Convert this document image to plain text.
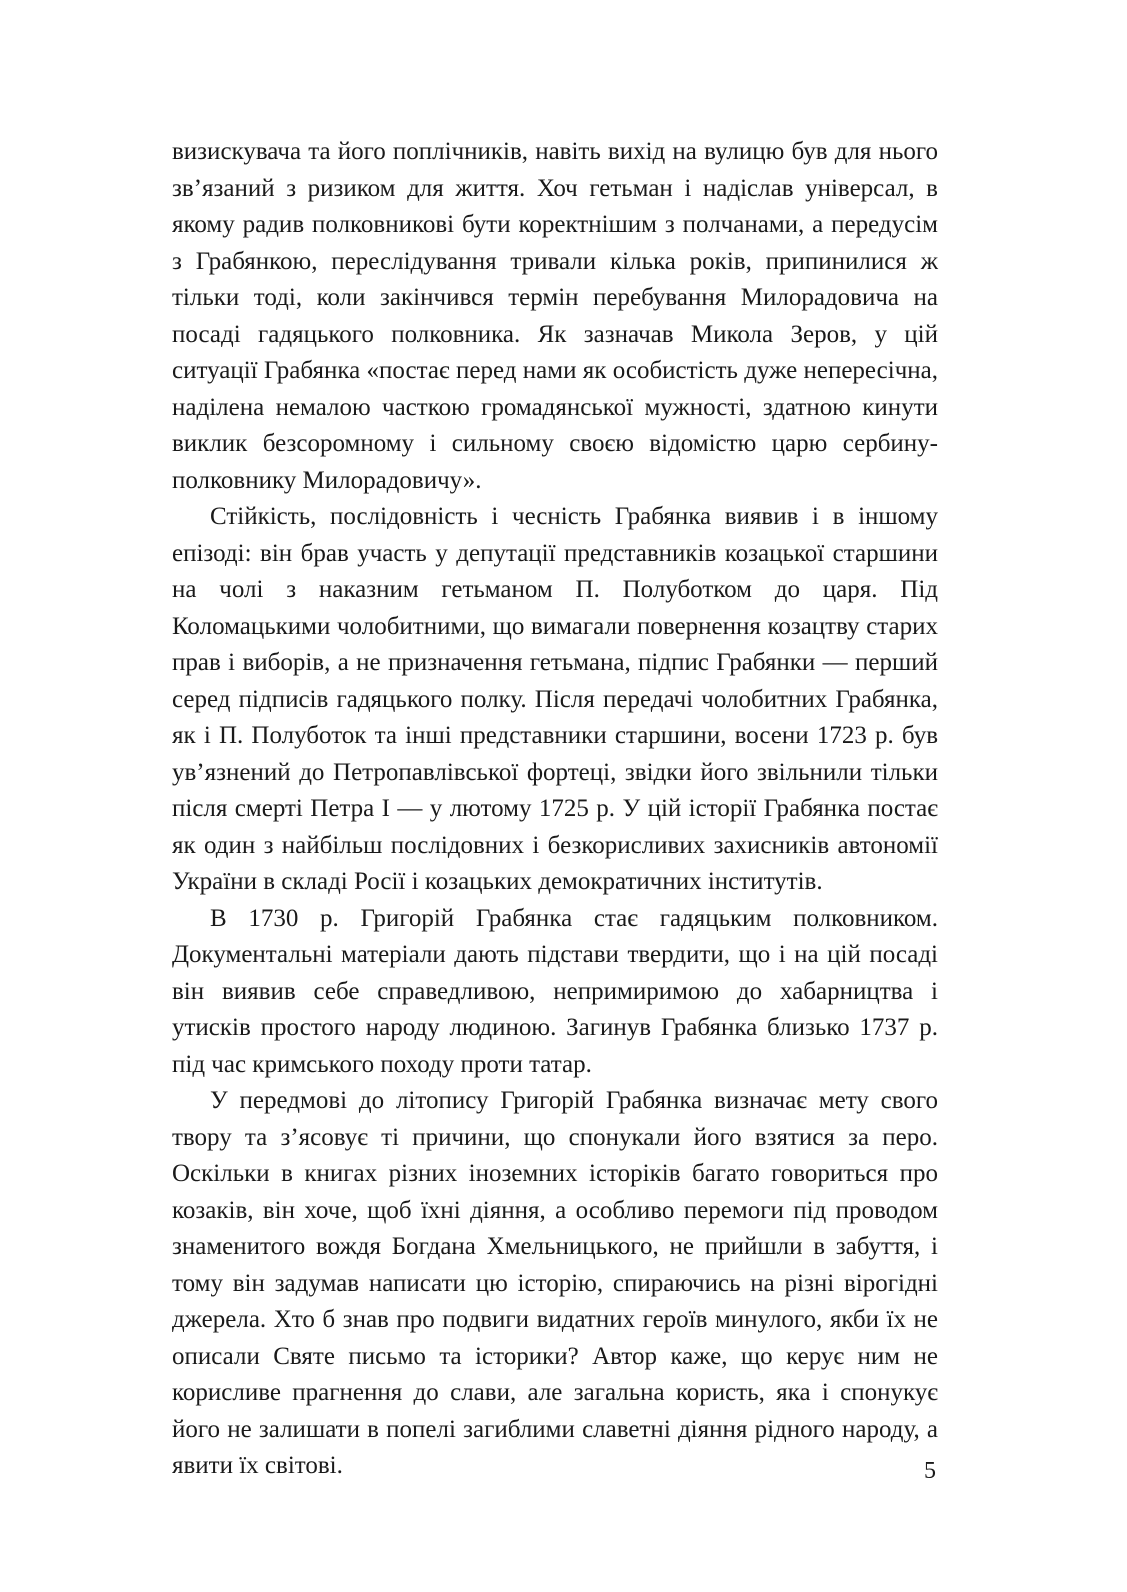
визискувача та його поплічників, навіть вихід на вулицю був для нього зв’язаний з ризиком для життя. Хоч гетьман і надіслав універсал, в якому радив полковникові бути коректнішим з полчанами, а передусім з Грабянкою, переслідування тривали кілька років, припинилися ж тільки тоді, коли закінчився термін перебування Милорадовича на посаді гадяцького полковника. Як зазначав Микола Зеров, у цій ситуації Грабянка «постає перед нами як особистість дуже непересічна, наділена немалою часткою громадянської мужності, здатною кинути виклик безсоромному і сильному своєю відомістю царю сербину-полковнику Милорадовичу».

Стійкість, послідовність і чесність Грабянка виявив і в іншому епізоді: він брав участь у депутації представників козацької старшини на чолі з наказним гетьманом П. Полуботком до царя. Під Коломацькими чолобитними, що вимагали повернення козацтву старих прав і виборів, а не призначення гетьмана, підпис Грабянки — перший серед підписів гадяцького полку. Після передачі чолобитних Грабянка, як і П. Полуботок та інші представники старшини, восени 1723 р. був ув’язнений до Петропавлівської фортеці, звідки його звільнили тільки після смерті Петра I — у лютому 1725 р. У цій історії Грабянка постає як один з найбільш послідовних і безкорисливих захисників автономії України в складі Росії і козацьких демократичних інститутів.

В 1730 р. Григорій Грабянка стає гадяцьким полковником. Документальні матеріали дають підстави твердити, що і на цій посаді він виявив себе справедливою, непримиримою до хабарництва і утисків простого народу людиною. Загинув Грабянка близько 1737 р. під час кримського походу проти татар.

У передмові до літопису Григорій Грабянка визначає мету свого твору та з’ясовує ті причини, що спонукали його взятися за перо. Оскільки в книгах різних іноземних історіків багато говориться про козаків, він хоче, щоб їхні діяння, а особливо перемоги під проводом знаменитого вождя Богдана Хмельницького, не прийшли в забуття, і тому він задумав написати цю історію, спираючись на різні вірогідні джерела. Хто б знав про подвиги видатних героїв минулого, якби їх не описали Святе письмо та історики? Автор каже, що керує ним не корисливе прагнення до слави, але загальна користь, яка і спонукує його не залишати в попелі загиблими славетні діяння рідного народу, а явити їх світові.	5
